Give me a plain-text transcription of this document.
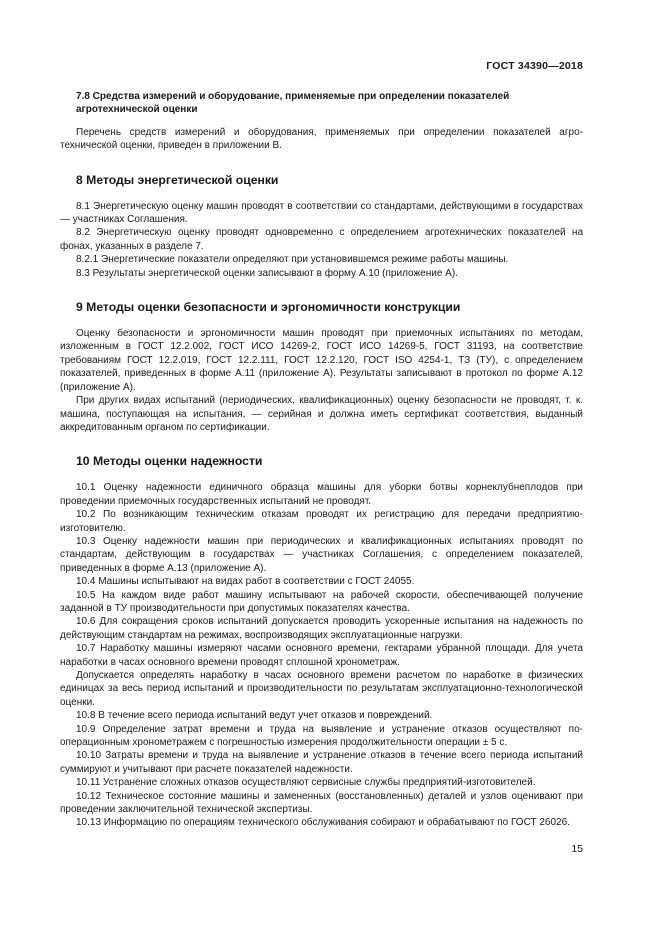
ГОСТ 34390—2018

7.8 Средства измерений и оборудование, применяемые при определении показателей агротехнической оценки

Перечень средств измерений и оборудования, применяемых при определении показателей агротехнической оценки, приведен в приложении В.

8 Методы энергетической оценки

8.1 Энергетическую оценку машин проводят в соответствии со стандартами, действующими в государствах — участниках Соглашения.

8.2 Энергетическую оценку проводят одновременно с определением агротехнических показателей на фонах, указанных в разделе 7.

8.2.1 Энергетические показатели определяют при установившемся режиме работы машины.

8.3 Результаты энергетической оценки записывают в форму А.10 (приложение А).

9 Методы оценки безопасности и эргономичности конструкции

Оценку безопасности и эргономичности машин проводят при приемочных испытаниях по методам, изложенным в ГОСТ 12.2.002, ГОСТ ИСО 14269-2, ГОСТ ИСО 14269-5, ГОСТ 31193, на соответствие требованиям ГОСТ 12.2.019, ГОСТ 12.2.111, ГОСТ 12.2.120, ГОСТ ISO 4254-1, ТЗ (ТУ), с определением показателей, приведенных в форме А.11 (приложение А). Результаты записывают в протокол по форме А.12 (приложение А).

При других видах испытаний (периодических, квалификационных) оценку безопасности не проводят, т. к. машина, поступающая на испытания, — серийная и должна иметь сертификат соответствия, выданный аккредитованным органом по сертификации.

10 Методы оценки надежности

10.1 Оценку надежности единичного образца машины для уборки ботвы корнеклубнеплодов при проведении приемочных государственных испытаний не проводят.

10.2 По возникающим техническим отказам проводят их регистрацию для передачи предприятию-изготовителю.

10.3 Оценку надежности машин при периодических и квалификационных испытаниях проводят по стандартам, действующим в государствах — участниках Соглашения, с определением показателей, приведенных в форме А.13 (приложение А).

10.4 Машины испытывают на видах работ в соответствии с ГОСТ 24055.

10.5 На каждом виде работ машину испытывают на рабочей скорости, обеспечивающей получение заданной в ТУ производительности при допустимых показателях качества.

10.6 Для сокращения сроков испытаний допускается проводить ускоренные испытания на надежность по действующим стандартам на режимах, воспроизводящих эксплуатационные нагрузки.

10.7 Наработку машины измеряют часами основного времени, гектарами убранной площади. Для учета наработки в часах основного времени проводят сплошной хронометраж.

Допускается определять наработку в часах основного времени расчетом по наработке в физических единицах за весь период испытаний и производительности по результатам эксплуатационно-технологической оценки.

10.8 В течение всего периода испытаний ведут учет отказов и повреждений.

10.9 Определение затрат времени и труда на выявление и устранение отказов осуществляют пооперационным хронометражем с погрешностью измерения продолжительности операции ± 5 с.

10.10 Затраты времени и труда на выявление и устранение отказов в течение всего периода испытаний суммируют и учитывают при расчете показателей надежности.

10.11 Устранение сложных отказов осуществляют сервисные службы предприятий-изготовителей.

10.12 Техническое состояние машины и замененных (восстановленных) деталей и узлов оценивают при проведении заключительной технической экспертизы.

10.13 Информацию по операциям технического обслуживания собирают и обрабатывают по ГОСТ 26026.

15
